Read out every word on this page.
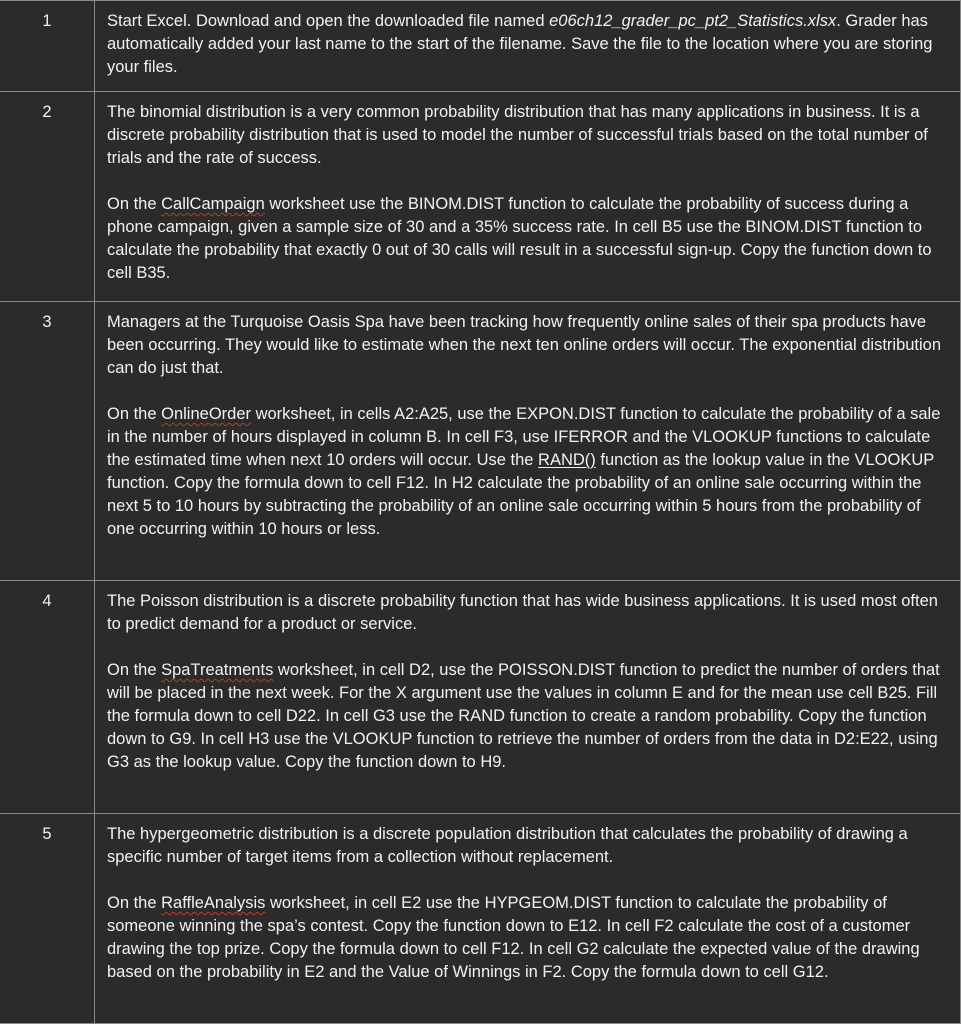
1	Start Excel. Download and open the downloaded file named e06ch12_grader_pc_pt2_Statistics.xlsx. Grader has automatically added your last name to the start of the filename. Save the file to the location where you are storing your files.

2	The binomial distribution is a very common probability distribution that has many applications in business. It is a discrete probability distribution that is used to model the number of successful trials based on the total number of trials and the rate of success.

On the CallCampaign worksheet use the BINOM.DIST function to calculate the probability of success during a phone campaign, given a sample size of 30 and a 35% success rate. In cell B5 use the BINOM.DIST function to calculate the probability that exactly 0 out of 30 calls will result in a successful sign-up. Copy the function down to cell B35.

3	Managers at the Turquoise Oasis Spa have been tracking how frequently online sales of their spa products have been occurring. They would like to estimate when the next ten online orders will occur. The exponential distribution can do just that.

On the OnlineOrder worksheet, in cells A2:A25, use the EXPON.DIST function to calculate the probability of a sale in the number of hours displayed in column B. In cell F3, use IFERROR and the VLOOKUP functions to calculate the estimated time when next 10 orders will occur. Use the RAND() function as the lookup value in the VLOOKUP function. Copy the formula down to cell F12. In H2 calculate the probability of an online sale occurring within the next 5 to 10 hours by subtracting the probability of an online sale occurring within 5 hours from the probability of one occurring within 10 hours or less.

4	The Poisson distribution is a discrete probability function that has wide business applications. It is used most often to predict demand for a product or service.

On the SpaTreatments worksheet, in cell D2, use the POISSON.DIST function to predict the number of orders that will be placed in the next week. For the X argument use the values in column E and for the mean use cell B25. Fill the formula down to cell D22. In cell G3 use the RAND function to create a random probability. Copy the function down to G9. In cell H3 use the VLOOKUP function to retrieve the number of orders from the data in D2:E22, using G3 as the lookup value. Copy the function down to H9.

5	The hypergeometric distribution is a discrete population distribution that calculates the probability of drawing a specific number of target items from a collection without replacement.

On the RaffleAnalysis worksheet, in cell E2 use the HYPGEOM.DIST function to calculate the probability of someone winning the spa’s contest. Copy the function down to E12. In cell F2 calculate the cost of a customer drawing the top prize. Copy the formula down to cell F12. In cell G2 calculate the expected value of the drawing based on the probability in E2 and the Value of Winnings in F2. Copy the formula down to cell G12.
